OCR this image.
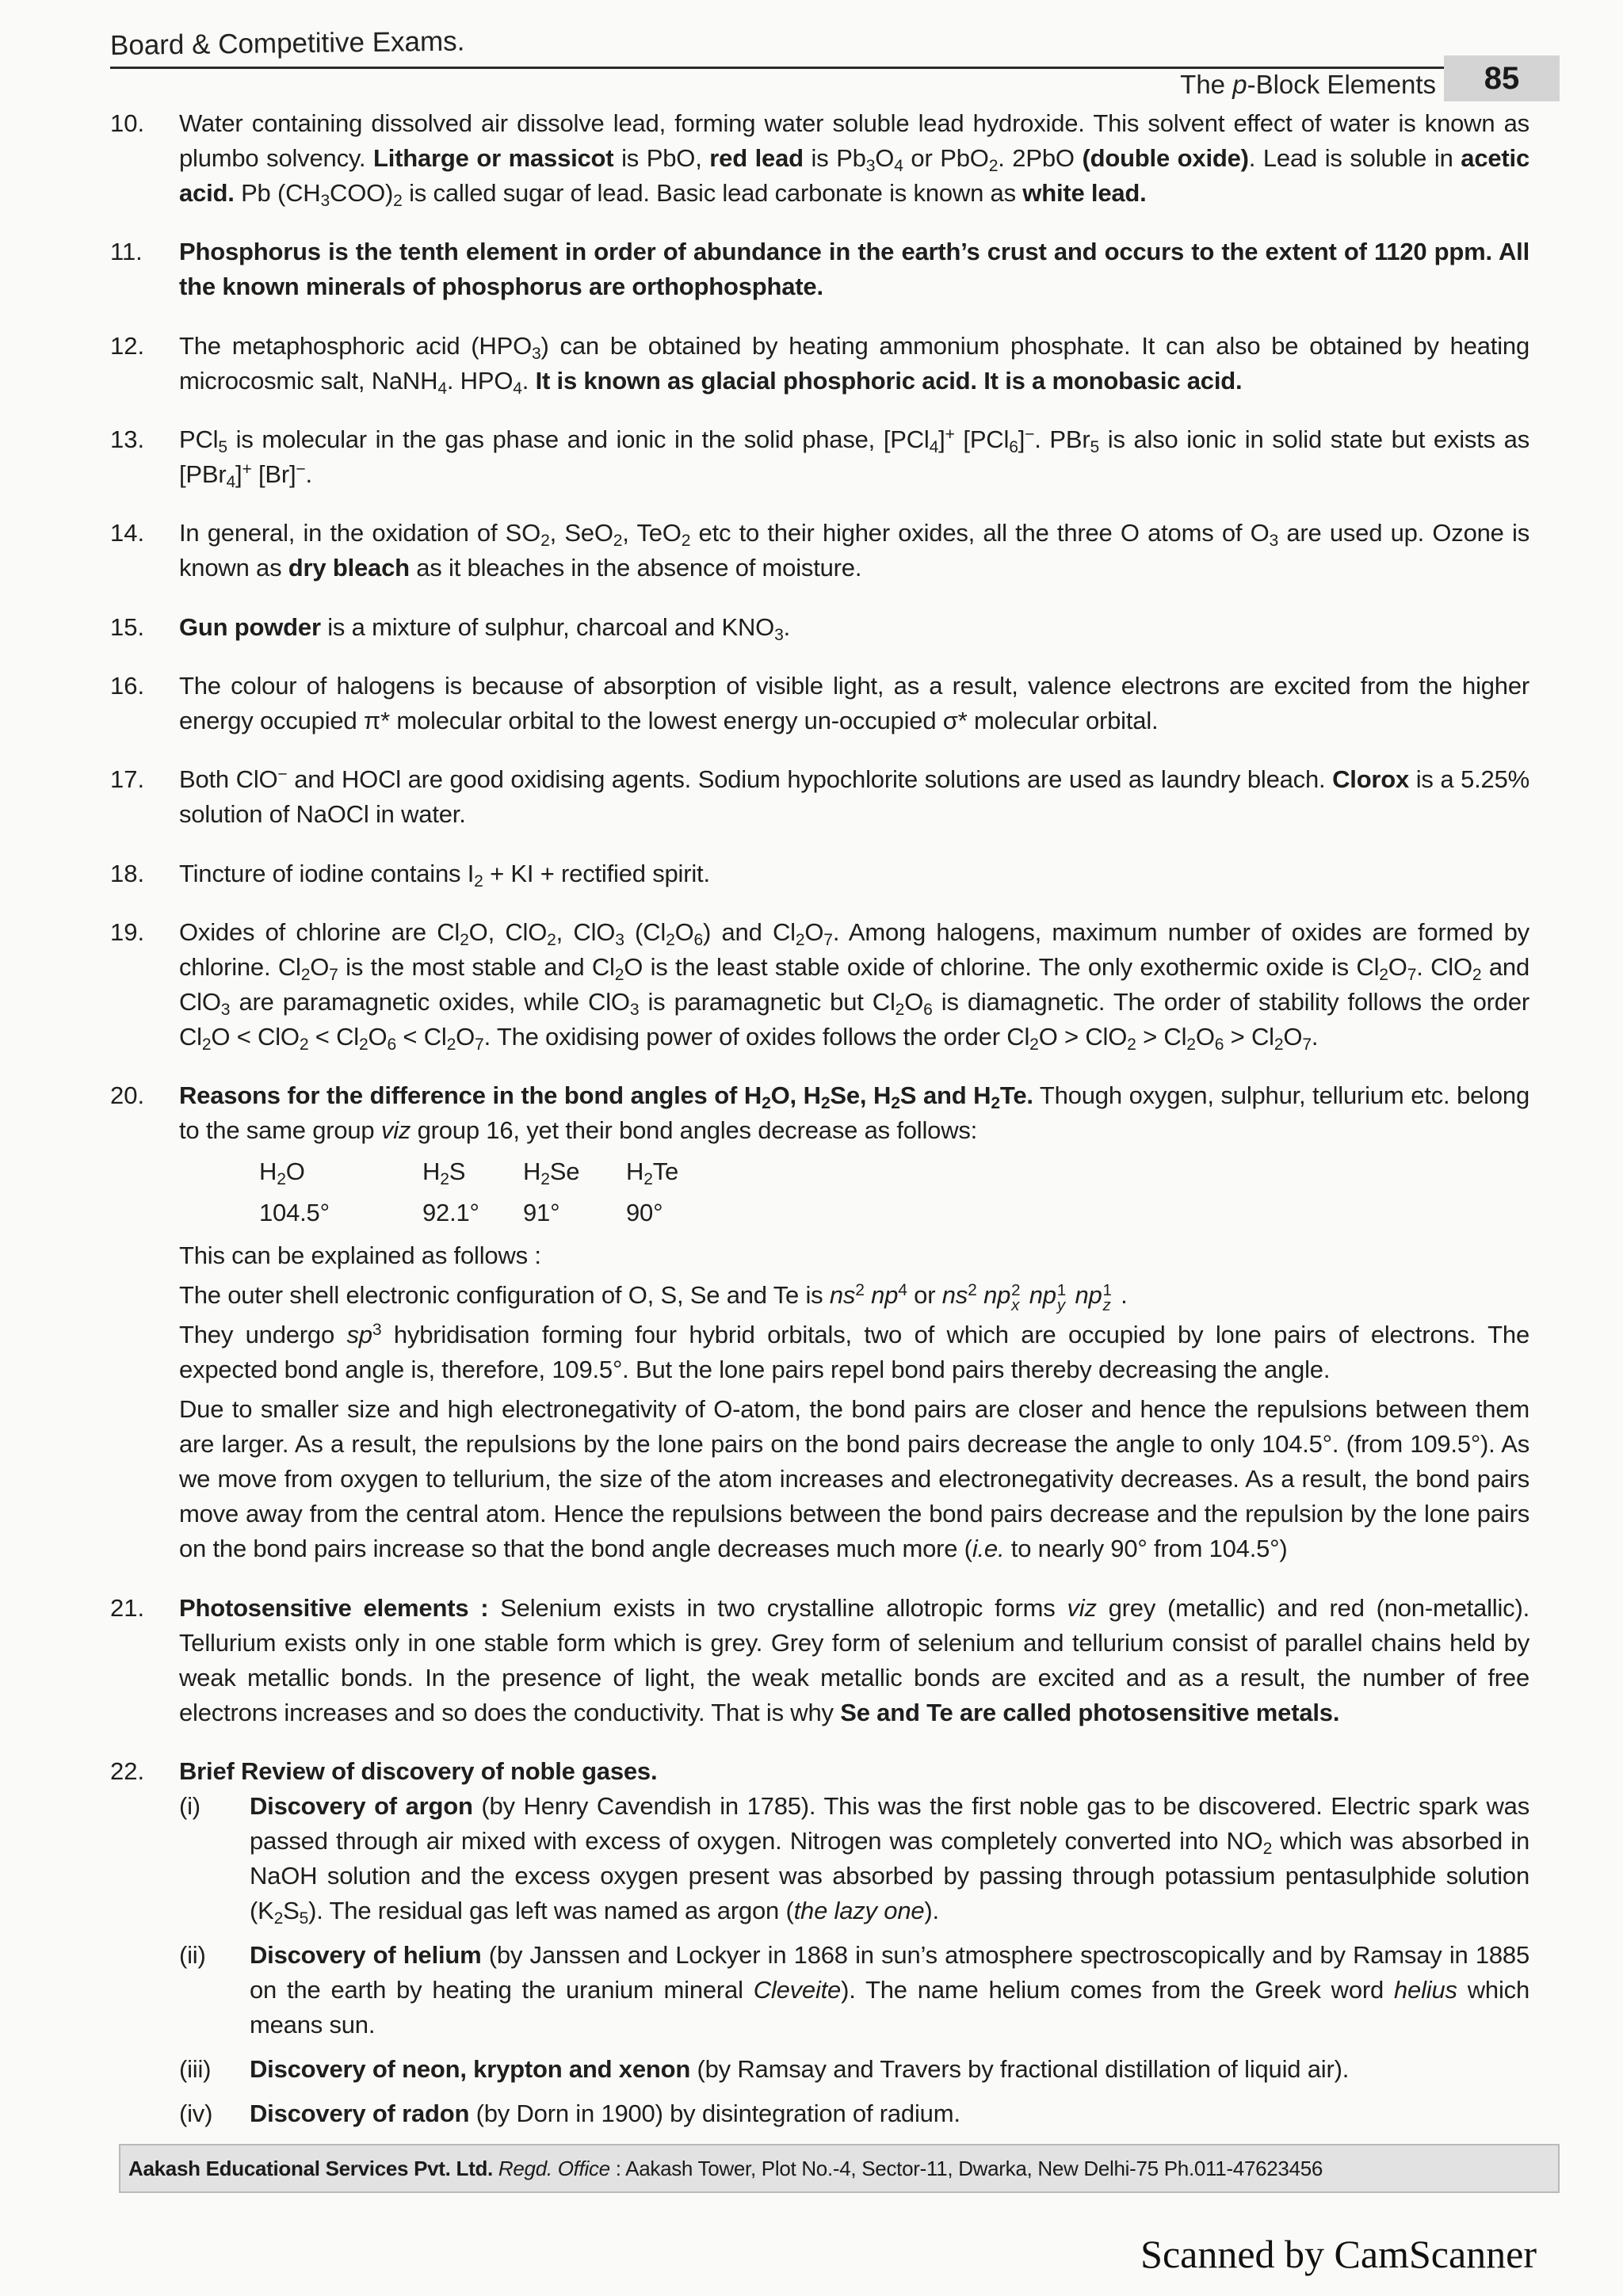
Board & Competitive Exams.
The p-Block Elements	85
10.	Water containing dissolved air dissolve lead, forming water soluble lead hydroxide. This solvent effect of water is known as plumbo solvency. Litharge or massicot is PbO, red lead is $Pb_3O_4$ or PbO$_2$. 2PbO (double oxide). Lead is soluble in acetic acid. Pb $(CH_3COO)_2$ is called sugar of lead. Basic lead carbonate is known as white lead.
11.	Phosphorus is the tenth element in order of abundance in the earth’s crust and occurs to the extent of 1120 ppm. All the known minerals of phosphorus are orthophosphate.
12.	The metaphosphoric acid $(HPO_3)$ can be obtained by heating ammonium phosphate. It can also be obtained by heating microcosmic salt, NaNH$_4$. $HPO_4$. It is known as glacial phosphoric acid. It is a monobasic acid.
13.	PCl$_5$ is molecular in the gas phase and ionic in the solid phase, [PCl$_4$]+ [PCl$_6$]−. PBr$_5$ is also ionic in solid state but exists as [PBr$_4$]+ [Br]−.
14.	In general, in the oxidation of $SO_2$, SeO$_2$, TeO$_2$ etc to their higher oxides, all the three O atoms of $O_3$ are used up. Ozone is known as dry bleach as it bleaches in the absence of moisture.
15.	Gun powder is a mixture of sulphur, charcoal and $KNO_3$.
16.	The colour of halogens is because of absorption of visible light, as a result, valence electrons are excited from the higher energy occupied π* molecular orbital to the lowest energy un-occupied σ* molecular orbital.
17.	Both ClO− and HOCl are good oxidising agents. Sodium hypochlorite solutions are used as laundry bleach. Clorox is a 5.25% solution of NaOCl in water.
18.	Tincture of iodine contains $I_2$ + KI + rectified spirit.
19.	Oxides of chlorine are $Cl_2O$, ClO$_2$, ClO$_3$ $(Cl_2O_6)$ and $Cl_2O_7$. Among halogens, maximum number of oxides are formed by chlorine. $Cl_2O_7$ is the most stable and $Cl_2O$ is the least stable oxide of chlorine. The only exothermic oxide is $Cl_2O_7$. ClO$_2$ and ClO$_3$ are paramagnetic oxides, while ClO$_3$ is paramagnetic but $Cl_2O_6$ is diamagnetic. The order of stability follows the order $Cl_2O < ClO_2 < Cl_2O_6 < Cl_2O_7$. The oxidising power of oxides follows the order $Cl_2O > ClO_2 > Cl_2O_6 > Cl_2O_7$.
20.	Reasons for the difference in the bond angles of $H_2O$, $H_2Se$, $H_2S$ and $H_2Te$. Though oxygen, sulphur, tellurium etc. belong to the same group viz group 16, yet their bond angles decrease as follows:
$H_2O$	$H_2S$	$H_2Se$	$H_2Te$
104.5°	92.1°	91°	90°
This can be explained as follows :
The outer shell electronic configuration of O, S, Se and Te is $ns^2$ $np^4$ or $ns^2$ np 2
x np 1
y np 1
z .
They undergo $sp^3$ hybridisation forming four hybrid orbitals, two of which are occupied by lone pairs of electrons. The expected bond angle is, therefore, 109.5°. But the lone pairs repel bond pairs thereby decreasing the angle.
Due to smaller size and high electronegativity of O-atom, the bond pairs are closer and hence the repulsions between them are larger. As a result, the repulsions by the lone pairs on the bond pairs decrease the angle to only 104.5°. (from 109.5°). As we move from oxygen to tellurium, the size of the atom increases and electronegativity decreases. As a result, the bond pairs move away from the central atom. Hence the repulsions between the bond pairs decrease and the repulsion by the lone pairs on the bond pairs increase so that the bond angle decreases much more (i.e. to nearly 90° from 104.5°)
21.	Photosensitive elements : Selenium exists in two crystalline allotropic forms viz grey (metallic) and red (non-metallic). Tellurium exists only in one stable form which is grey. Grey form of selenium and tellurium consist of parallel chains held by weak metallic bonds. In the presence of light, the weak metallic bonds are excited and as a result, the number of free electrons increases and so does the conductivity. That is why Se and Te are called photosensitive metals.
22.	Brief Review of discovery of noble gases.
(i)	Discovery of argon (by Henry Cavendish in 1785). This was the first noble gas to be discovered. Electric spark was passed through air mixed with excess of oxygen. Nitrogen was completely converted into $NO_2$ which was absorbed in NaOH solution and the excess oxygen present was absorbed by passing through potassium pentasulphide solution $(K_2S_5)$. The residual gas left was named as argon (the lazy one).
(ii)	Discovery of helium (by Janssen and Lockyer in 1868 in sun’s atmosphere spectroscopically and by Ramsay in 1885 on the earth by heating the uranium mineral Cleveite). The name helium comes from the Greek word helius which means sun.
(iii)	Discovery of neon, krypton and xenon (by Ramsay and Travers by fractional distillation of liquid air).
(iv)	Discovery of radon (by Dorn in 1900) by disintegration of radium.
Aakash Educational Services Pvt. Ltd. Regd. Office : Aakash Tower, Plot No.-4, Sector-11, Dwarka, New Delhi-75 Ph.011-47623456
Scanned by CamScanner
